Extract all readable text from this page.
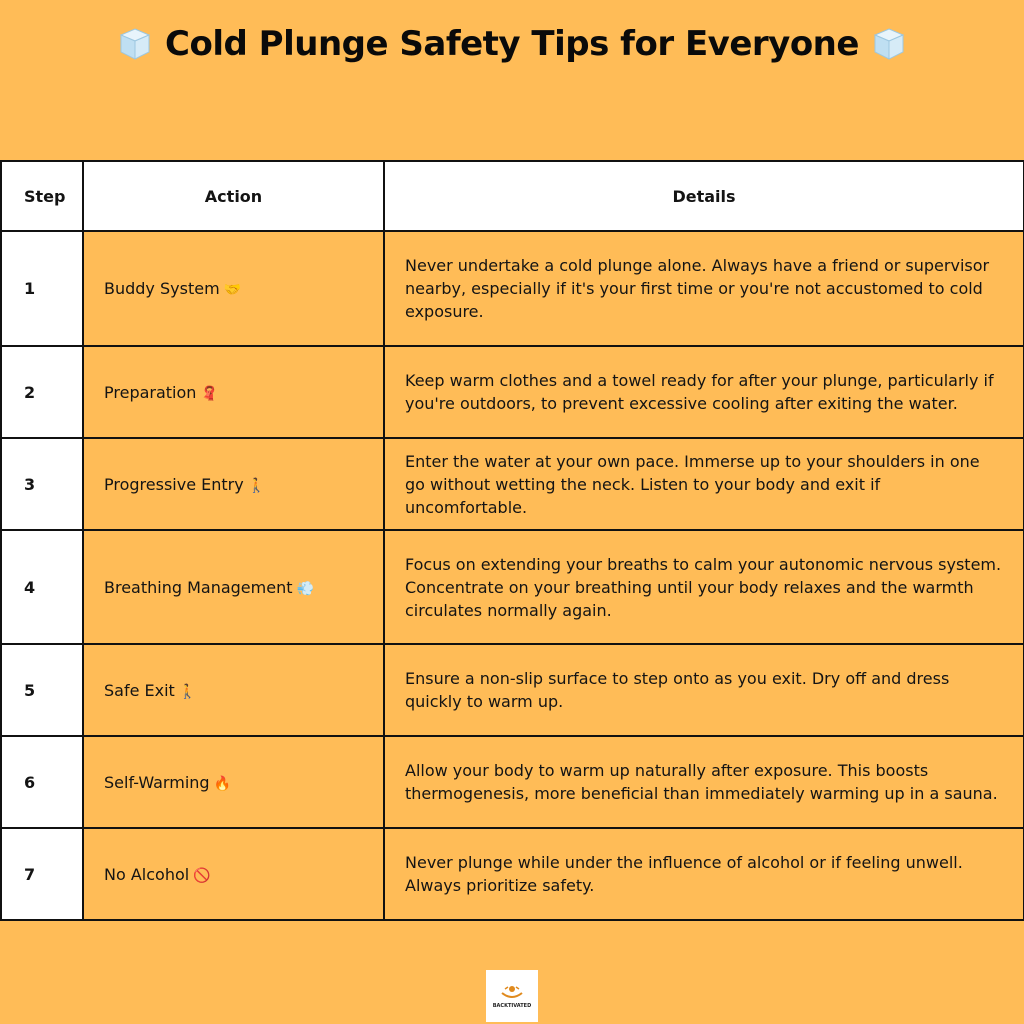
Cold Plunge Safety Tips for Everyone
Step	Action	Details
1	Buddy System 🤝	Never undertake a cold plunge alone. Always have a friend or supervisor nearby, especially if it's your first time or you're not accustomed to cold exposure.
2	Preparation 🧣	Keep warm clothes and a towel ready for after your plunge, particularly if you're outdoors, to prevent excessive cooling after exiting the water.
3	Progressive Entry 🚶	Enter the water at your own pace. Immerse up to your shoulders in one go without wetting the neck. Listen to your body and exit if uncomfortable.
4	Breathing Management 💨	Focus on extending your breaths to calm your autonomic nervous system. Concentrate on your breathing until your body relaxes and the warmth circulates normally again.
5	Safe Exit 🚶	Ensure a non-slip surface to step onto as you exit. Dry off and dress quickly to warm up.
6	Self-Warming 🔥	Allow your body to warm up naturally after exposure. This boosts thermogenesis, more beneficial than immediately warming up in a sauna.
7	No Alcohol 🚫	Never plunge while under the influence of alcohol or if feeling unwell. Always prioritize safety.
BACKTIVATED
